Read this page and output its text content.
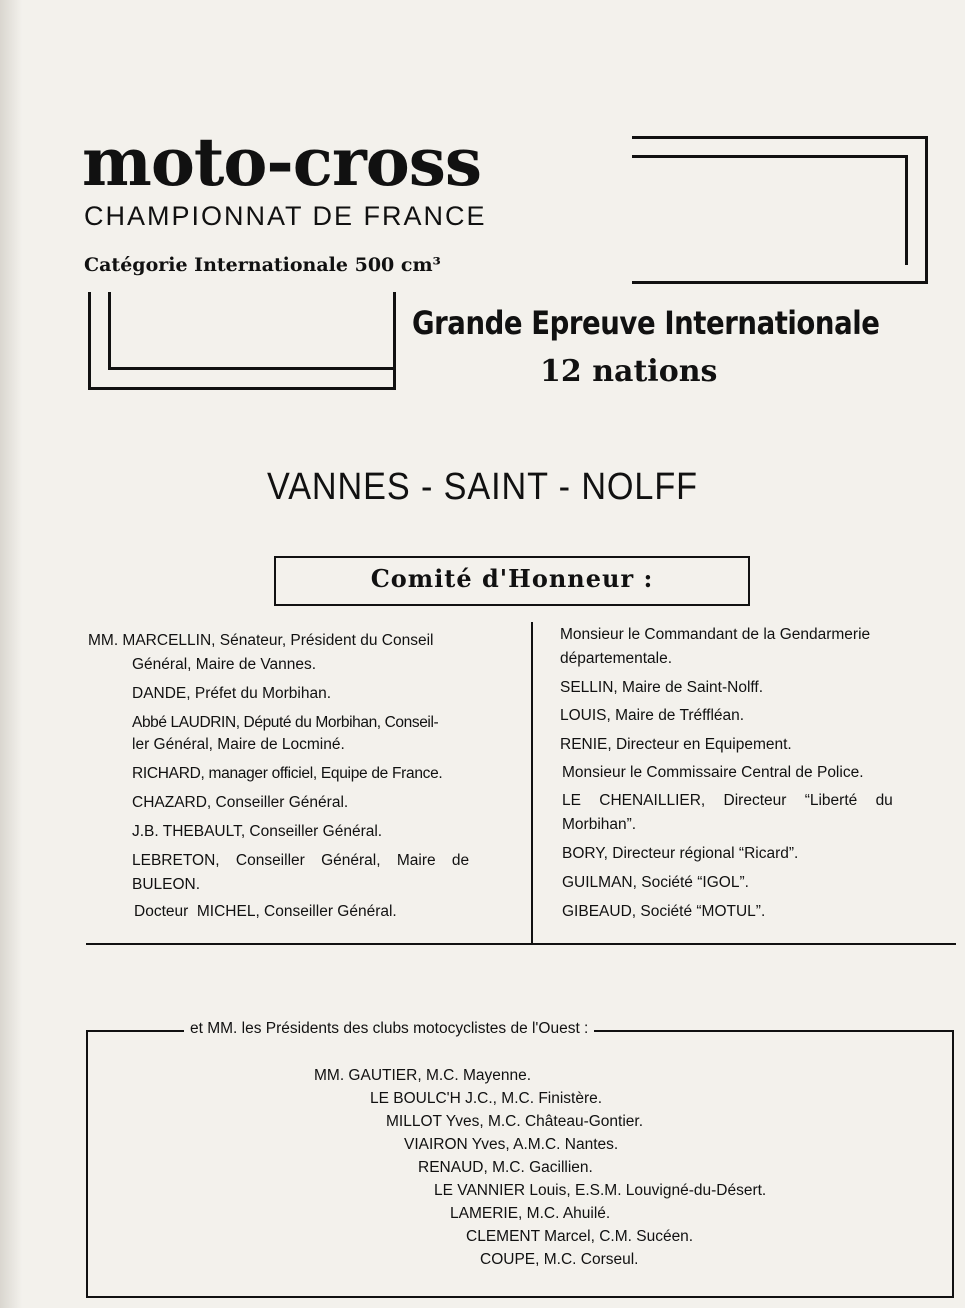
moto-cross
CHAMPIONNAT DE FRANCE
Catégorie Internationale 500 cm³
Grande Epreuve Internationale
12 nations
VANNES - SAINT - NOLFF
Comité d'Honneur :
MM. MARCELLIN, Sénateur, Président du Conseil
Général, Maire de Vannes.
DANDE, Préfet du Morbihan.
Abbé LAUDRIN, Député du Morbihan, Conseil-
ler Général, Maire de Locminé.
RICHARD, manager officiel, Equipe de France.
CHAZARD, Conseiller Général.
J.B. THEBAULT, Conseiller Général.
LEBRETON, Conseiller Général, Maire de
BULEON.
Docteur  MICHEL, Conseiller Général.
Monsieur le Commandant de la Gendarmerie
départementale.
SELLIN, Maire de Saint-Nolff.
LOUIS, Maire de Tréffléan.
RENIE, Directeur en Equipement.
Monsieur le Commissaire Central de Police.
LE CHENAILLIER, Directeur “Liberté du
Morbihan”.
BORY, Directeur régional “Ricard”.
GUILMAN, Société “IGOL”.
GIBEAUD, Société “MOTUL”.
et MM. les Présidents des clubs motocyclistes de l'Ouest :
MM. GAUTIER, M.C. Mayenne.
LE BOULC'H J.C., M.C. Finistère.
MILLOT Yves, M.C. Château-Gontier.
VIAIRON Yves, A.M.C. Nantes.
RENAUD, M.C. Gacillien.
LE VANNIER Louis, E.S.M. Louvigné-du-Désert.
LAMERIE, M.C. Ahuilé.
CLEMENT Marcel, C.M. Sucéen.
COUPE, M.C. Corseul.
